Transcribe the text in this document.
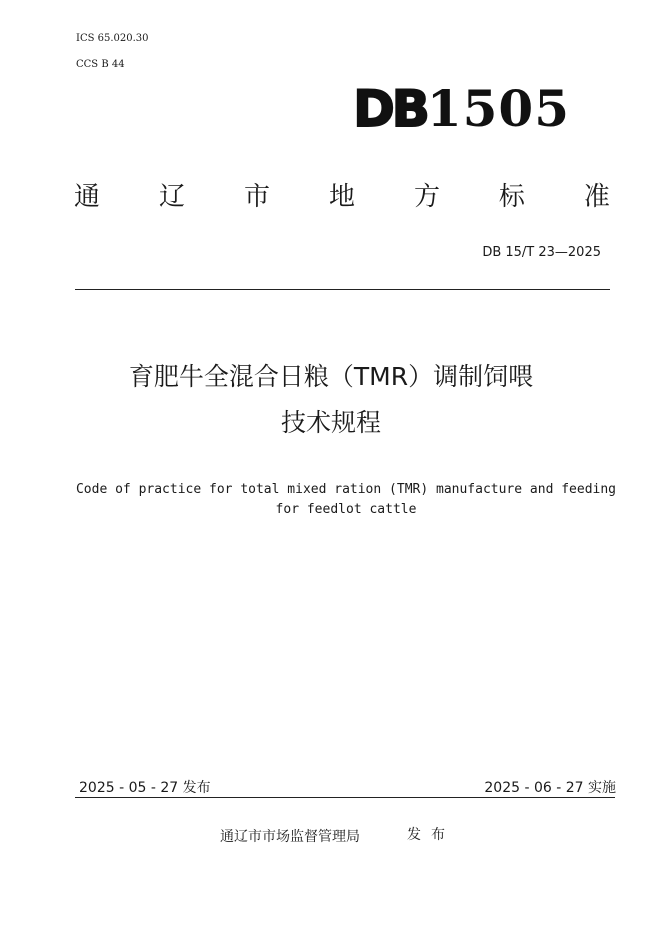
ICS 65.020.30
CCS B 44
DB1505
通 辽 市 地 方 标 准
DB 15/T 23—2025
育肥牛全混合日粮（TMR）调制饲喂
技术规程
Code of practice for total mixed ration (TMR) manufacture and feeding
for feedlot cattle
2025 - 05 - 27 发布	2025 - 06 - 27 实施
通辽市市场监督管理局	发布
